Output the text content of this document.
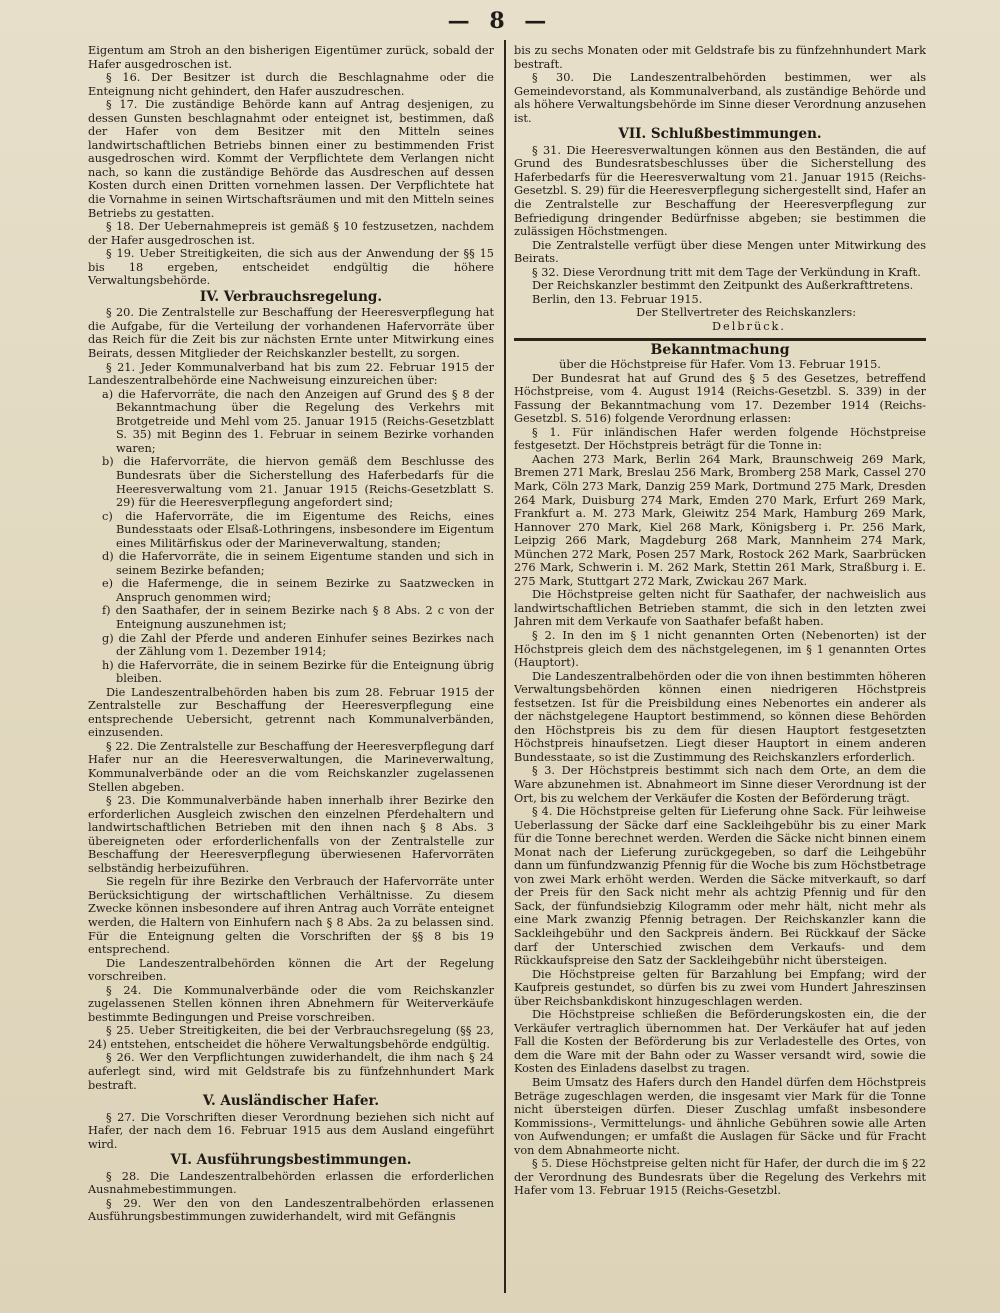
— 8 —

Eigentum am Stroh an den bisherigen Eigentümer zurück, sobald der Hafer ausgedroschen ist.

§ 16. Der Besitzer ist durch die Beschlagnahme oder die Enteignung nicht gehindert, den Hafer auszudreschen.

§ 17. Die zuständige Behörde kann auf Antrag desjenigen, zu dessen Gunsten beschlagnahmt oder enteignet ist, bestimmen, daß der Hafer von dem Besitzer mit den Mitteln seines landwirtschaftlichen Betriebs binnen einer zu bestimmenden Frist ausgedroschen wird. Kommt der Verpflichtete dem Verlangen nicht nach, so kann die zuständige Behörde das Ausdreschen auf dessen Kosten durch einen Dritten vornehmen lassen. Der Verpflichtete hat die Vornahme in seinen Wirtschaftsräumen und mit den Mitteln seines Betriebs zu gestatten.

§ 18. Der Uebernahmepreis ist gemäß § 10 festzusetzen, nachdem der Hafer ausgedroschen ist.

§ 19. Ueber Streitigkeiten, die sich aus der Anwendung der §§ 15 bis 18 ergeben, entscheidet endgültig die höhere Verwaltungsbehörde.

IV. Verbrauchsregelung.

§ 20. Die Zentralstelle zur Beschaffung der Heeresverpflegung hat die Aufgabe, für die Verteilung der vorhandenen Hafervorräte über das Reich für die Zeit bis zur nächsten Ernte unter Mitwirkung eines Beirats, dessen Mitglieder der Reichskanzler bestellt, zu sorgen.

§ 21. Jeder Kommunalverband hat bis zum 22. Februar 1915 der Landeszentralbehörde eine Nachweisung einzureichen über:

a) die Hafervorräte, die nach den Anzeigen auf Grund des § 8 der Bekanntmachung über die Regelung des Verkehrs mit Brotgetreide und Mehl vom 25. Januar 1915 (Reichs-Gesetzblatt S. 35) mit Beginn des 1. Februar in seinem Bezirke vorhanden waren;

b) die Hafervorräte, die hiervon gemäß dem Beschlusse des Bundesrats über die Sicherstellung des Haferbedarfs für die Heeresverwaltung vom 21. Januar 1915 (Reichs-Gesetzblatt S. 29) für die Heeresverpflegung angefordert sind;

c) die Hafervorräte, die im Eigentume des Reichs, eines Bundesstaats oder Elsaß-Lothringens, insbesondere im Eigentum eines Militärfiskus oder der Marineverwaltung, standen;

d) die Hafervorräte, die in seinem Eigentume standen und sich in seinem Bezirke befanden;

e) die Hafermenge, die in seinem Bezirke zu Saatzwecken in Anspruch genommen wird;

f) den Saathafer, der in seinem Bezirke nach § 8 Abs. 2 c von der Enteignung auszunehmen ist;

g) die Zahl der Pferde und anderen Einhufer seines Bezirkes nach der Zählung vom 1. Dezember 1914;

h) die Hafervorräte, die in seinem Bezirke für die Enteignung übrig bleiben.

Die Landeszentralbehörden haben bis zum 28. Februar 1915 der Zentralstelle zur Beschaffung der Heeresverpflegung eine entsprechende Uebersicht, getrennt nach Kommunalverbänden, einzusenden.

§ 22. Die Zentralstelle zur Beschaffung der Heeresverpflegung darf Hafer nur an die Heeresverwaltungen, die Marineverwaltung, Kommunalverbände oder an die vom Reichskanzler zugelassenen Stellen abgeben.

§ 23. Die Kommunalverbände haben innerhalb ihrer Bezirke den erforderlichen Ausgleich zwischen den einzelnen Pferdehaltern und landwirtschaftlichen Betrieben mit den ihnen nach § 8 Abs. 3 übereigneten oder erforderlichenfalls von der Zentralstelle zur Beschaffung der Heeresverpflegung überwiesenen Hafervorräten selbständig herbeizuführen.

Sie regeln für ihre Bezirke den Verbrauch der Hafervorräte unter Berücksichtigung der wirtschaftlichen Verhältnisse. Zu diesem Zwecke können insbesondere auf ihren Antrag auch Vorräte enteignet werden, die Haltern von Einhufern nach § 8 Abs. 2a zu belassen sind. Für die Enteignung gelten die Vorschriften der §§ 8 bis 19 entsprechend.

Die Landeszentralbehörden können die Art der Regelung vorschreiben.

§ 24. Die Kommunalverbände oder die vom Reichskanzler zugelassenen Stellen können ihren Abnehmern für Weiterverkäufe bestimmte Bedingungen und Preise vorschreiben.

§ 25. Ueber Streitigkeiten, die bei der Verbrauchsregelung (§§ 23, 24) entstehen, entscheidet die höhere Verwaltungsbehörde endgültig.

§ 26. Wer den Verpflichtungen zuwiderhandelt, die ihm nach § 24 auferlegt sind, wird mit Geldstrafe bis zu fünfzehnhundert Mark bestraft.

V. Ausländischer Hafer.

§ 27. Die Vorschriften dieser Verordnung beziehen sich nicht auf Hafer, der nach dem 16. Februar 1915 aus dem Ausland eingeführt wird.

VI. Ausführungsbestimmungen.

§ 28. Die Landeszentralbehörden erlassen die erforderlichen Ausnahmebestimmungen.

§ 29. Wer den von den Landeszentralbehörden erlassenen Ausführungsbestimmungen zuwiderhandelt, wird mit Gefängnis

bis zu sechs Monaten oder mit Geldstrafe bis zu fünfzehnhundert Mark bestraft.

§ 30. Die Landeszentralbehörden bestimmen, wer als Gemeindevorstand, als Kommunalverband, als zuständige Behörde und als höhere Verwaltungsbehörde im Sinne dieser Verordnung anzusehen ist.

VII. Schlußbestimmungen.

§ 31. Die Heeresverwaltungen können aus den Beständen, die auf Grund des Bundesratsbeschlusses über die Sicherstellung des Haferbedarfs für die Heeresverwaltung vom 21. Januar 1915 (Reichs-Gesetzbl. S. 29) für die Heeresverpflegung sichergestellt sind, Hafer an die Zentralstelle zur Beschaffung der Heeresverpflegung zur Befriedigung dringender Bedürfnisse abgeben; sie bestimmen die zulässigen Höchstmengen.

Die Zentralstelle verfügt über diese Mengen unter Mitwirkung des Beirats.

§ 32. Diese Verordnung tritt mit dem Tage der Verkündung in Kraft.

Der Reichskanzler bestimmt den Zeitpunkt des Außerkrafttretens.

Berlin, den 13. Februar 1915.

Der Stellvertreter des Reichskanzlers:

Delbrück.

Bekanntmachung

über die Höchstpreise für Hafer. Vom 13. Februar 1915.

Der Bundesrat hat auf Grund des § 5 des Gesetzes, betreffend Höchstpreise, vom 4. August 1914 (Reichs-Gesetzbl. S. 339) in der Fassung der Bekanntmachung vom 17. Dezember 1914 (Reichs-Gesetzbl. S. 516) folgende Verordnung erlassen:

§ 1. Für inländischen Hafer werden folgende Höchstpreise festgesetzt. Der Höchstpreis beträgt für die Tonne in:

Aachen 273 Mark, Berlin 264 Mark, Braunschweig 269 Mark, Bremen 271 Mark, Breslau 256 Mark, Bromberg 258 Mark, Cassel 270 Mark, Cöln 273 Mark, Danzig 259 Mark, Dortmund 275 Mark, Dresden 264 Mark, Duisburg 274 Mark, Emden 270 Mark, Erfurt 269 Mark, Frankfurt a. M. 273 Mark, Gleiwitz 254 Mark, Hamburg 269 Mark, Hannover 270 Mark, Kiel 268 Mark, Königsberg i. Pr. 256 Mark, Leipzig 266 Mark, Magdeburg 268 Mark, Mannheim 274 Mark, München 272 Mark, Posen 257 Mark, Rostock 262 Mark, Saarbrücken 276 Mark, Schwerin i. M. 262 Mark, Stettin 261 Mark, Straßburg i. E. 275 Mark, Stuttgart 272 Mark, Zwickau 267 Mark.

Die Höchstpreise gelten nicht für Saathafer, der nachweislich aus landwirtschaftlichen Betrieben stammt, die sich in den letzten zwei Jahren mit dem Verkaufe von Saathafer befaßt haben.

§ 2. In den im § 1 nicht genannten Orten (Nebenorten) ist der Höchstpreis gleich dem des nächstgelegenen, im § 1 genannten Ortes (Hauptort).

Die Landeszentralbehörden oder die von ihnen bestimmten höheren Verwaltungsbehörden können einen niedrigeren Höchstpreis festsetzen. Ist für die Preisbildung eines Nebenortes ein anderer als der nächstgelegene Hauptort bestimmend, so können diese Behörden den Höchstpreis bis zu dem für diesen Hauptort festgesetzten Höchstpreis hinaufsetzen. Liegt dieser Hauptort in einem anderen Bundesstaate, so ist die Zustimmung des Reichskanzlers erforderlich.

§ 3. Der Höchstpreis bestimmt sich nach dem Orte, an dem die Ware abzunehmen ist. Abnahmeort im Sinne dieser Verordnung ist der Ort, bis zu welchem der Verkäufer die Kosten der Beförderung trägt.

§ 4. Die Höchstpreise gelten für Lieferung ohne Sack. Für leihweise Ueberlassung der Säcke darf eine Sackleihgebühr bis zu einer Mark für die Tonne berechnet werden. Werden die Säcke nicht binnen einem Monat nach der Lieferung zurückgegeben, so darf die Leihgebühr dann um fünfundzwanzig Pfennig für die Woche bis zum Höchstbetrage von zwei Mark erhöht werden. Werden die Säcke mitverkauft, so darf der Preis für den Sack nicht mehr als achtzig Pfennig und für den Sack, der fünfundsiebzig Kilogramm oder mehr hält, nicht mehr als eine Mark zwanzig Pfennig betragen. Der Reichskanzler kann die Sackleihgebühr und den Sackpreis ändern. Bei Rückkauf der Säcke darf der Unterschied zwischen dem Verkaufs- und dem Rückkaufspreise den Satz der Sackleihgebühr nicht übersteigen.

Die Höchstpreise gelten für Barzahlung bei Empfang; wird der Kaufpreis gestundet, so dürfen bis zu zwei vom Hundert Jahreszinsen über Reichsbankdiskont hinzugeschlagen werden.

Die Höchstpreise schließen die Beförderungskosten ein, die der Verkäufer vertraglich übernommen hat. Der Verkäufer hat auf jeden Fall die Kosten der Beförderung bis zur Verladestelle des Ortes, von dem die Ware mit der Bahn oder zu Wasser versandt wird, sowie die Kosten des Einladens daselbst zu tragen.

Beim Umsatz des Hafers durch den Handel dürfen dem Höchstpreis Beträge zugeschlagen werden, die insgesamt vier Mark für die Tonne nicht übersteigen dürfen. Dieser Zuschlag umfaßt insbesondere Kommissions-, Vermittelungs- und ähnliche Gebühren sowie alle Arten von Aufwendungen; er umfaßt die Auslagen für Säcke und für Fracht von dem Abnahmeorte nicht.

§ 5. Diese Höchstpreise gelten nicht für Hafer, der durch die im § 22 der Verordnung des Bundesrats über die Regelung des Verkehrs mit Hafer vom 13. Februar 1915 (Reichs-Gesetzbl.
